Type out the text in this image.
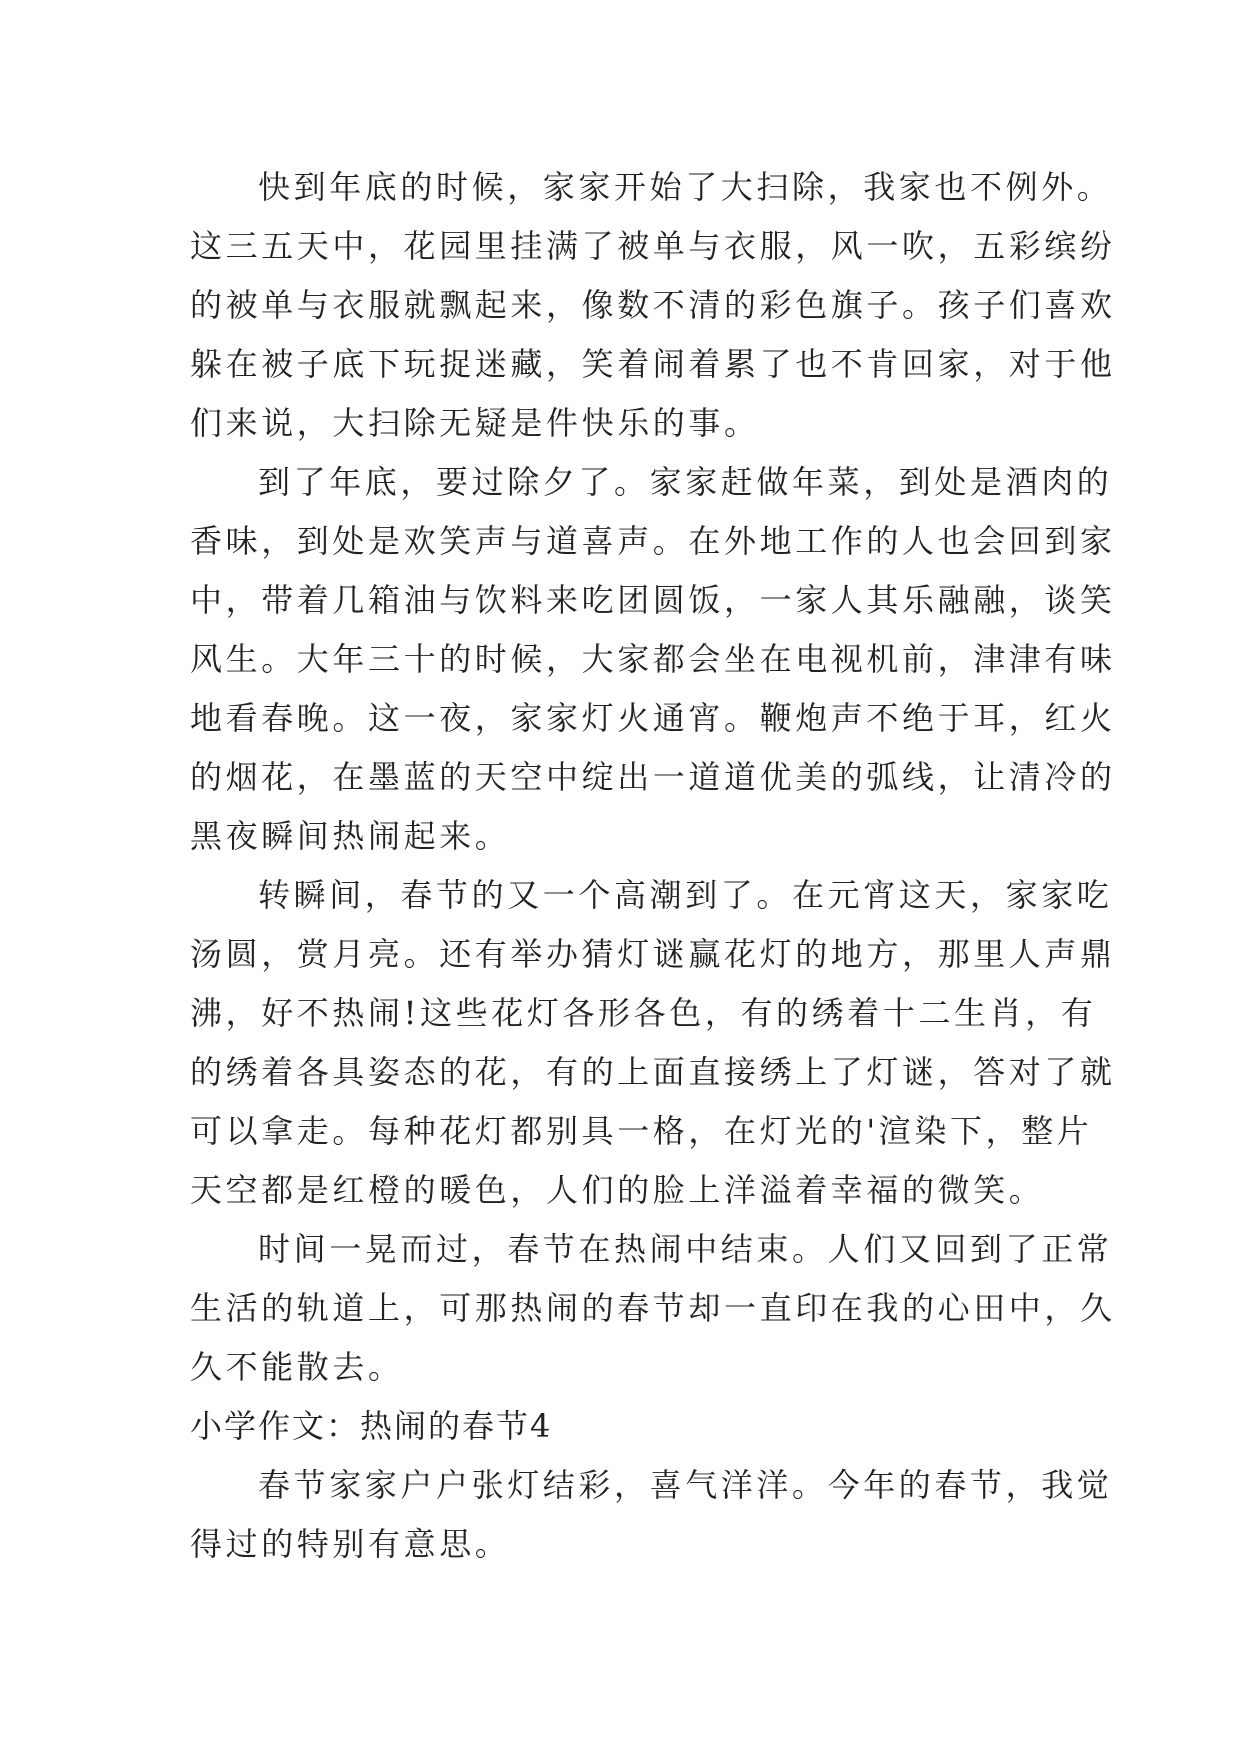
快到年底的时候，家家开始了大扫除，我家也不例外。
这三五天中，花园里挂满了被单与衣服，风一吹，五彩缤纷
的被单与衣服就飘起来，像数不清的彩色旗子。孩子们喜欢
躲在被子底下玩捉迷藏，笑着闹着累了也不肯回家，对于他
们来说，大扫除无疑是件快乐的事。
到了年底，要过除夕了。家家赶做年菜，到处是酒肉的
香味，到处是欢笑声与道喜声。在外地工作的人也会回到家
中，带着几箱油与饮料来吃团圆饭，一家人其乐融融，谈笑
风生。大年三十的时候，大家都会坐在电视机前，津津有味
地看春晚。这一夜，家家灯火通宵。鞭炮声不绝于耳，红火
的烟花，在墨蓝的天空中绽出一道道优美的弧线，让清冷的
黑夜瞬间热闹起来。
转瞬间，春节的又一个高潮到了。在元宵这天，家家吃
汤圆，赏月亮。还有举办猜灯谜赢花灯的地方，那里人声鼎
沸，好不热闹!这些花灯各形各色，有的绣着十二生肖，有
的绣着各具姿态的花，有的上面直接绣上了灯谜，答对了就
可以拿走。每种花灯都别具一格，在灯光的'渲染下，整片
天空都是红橙的暖色，人们的脸上洋溢着幸福的微笑。
时间一晃而过，春节在热闹中结束。人们又回到了正常
生活的轨道上，可那热闹的春节却一直印在我的心田中，久
久不能散去。
小学作文：热闹的春节4
春节家家户户张灯结彩，喜气洋洋。今年的春节，我觉
得过的特别有意思。
